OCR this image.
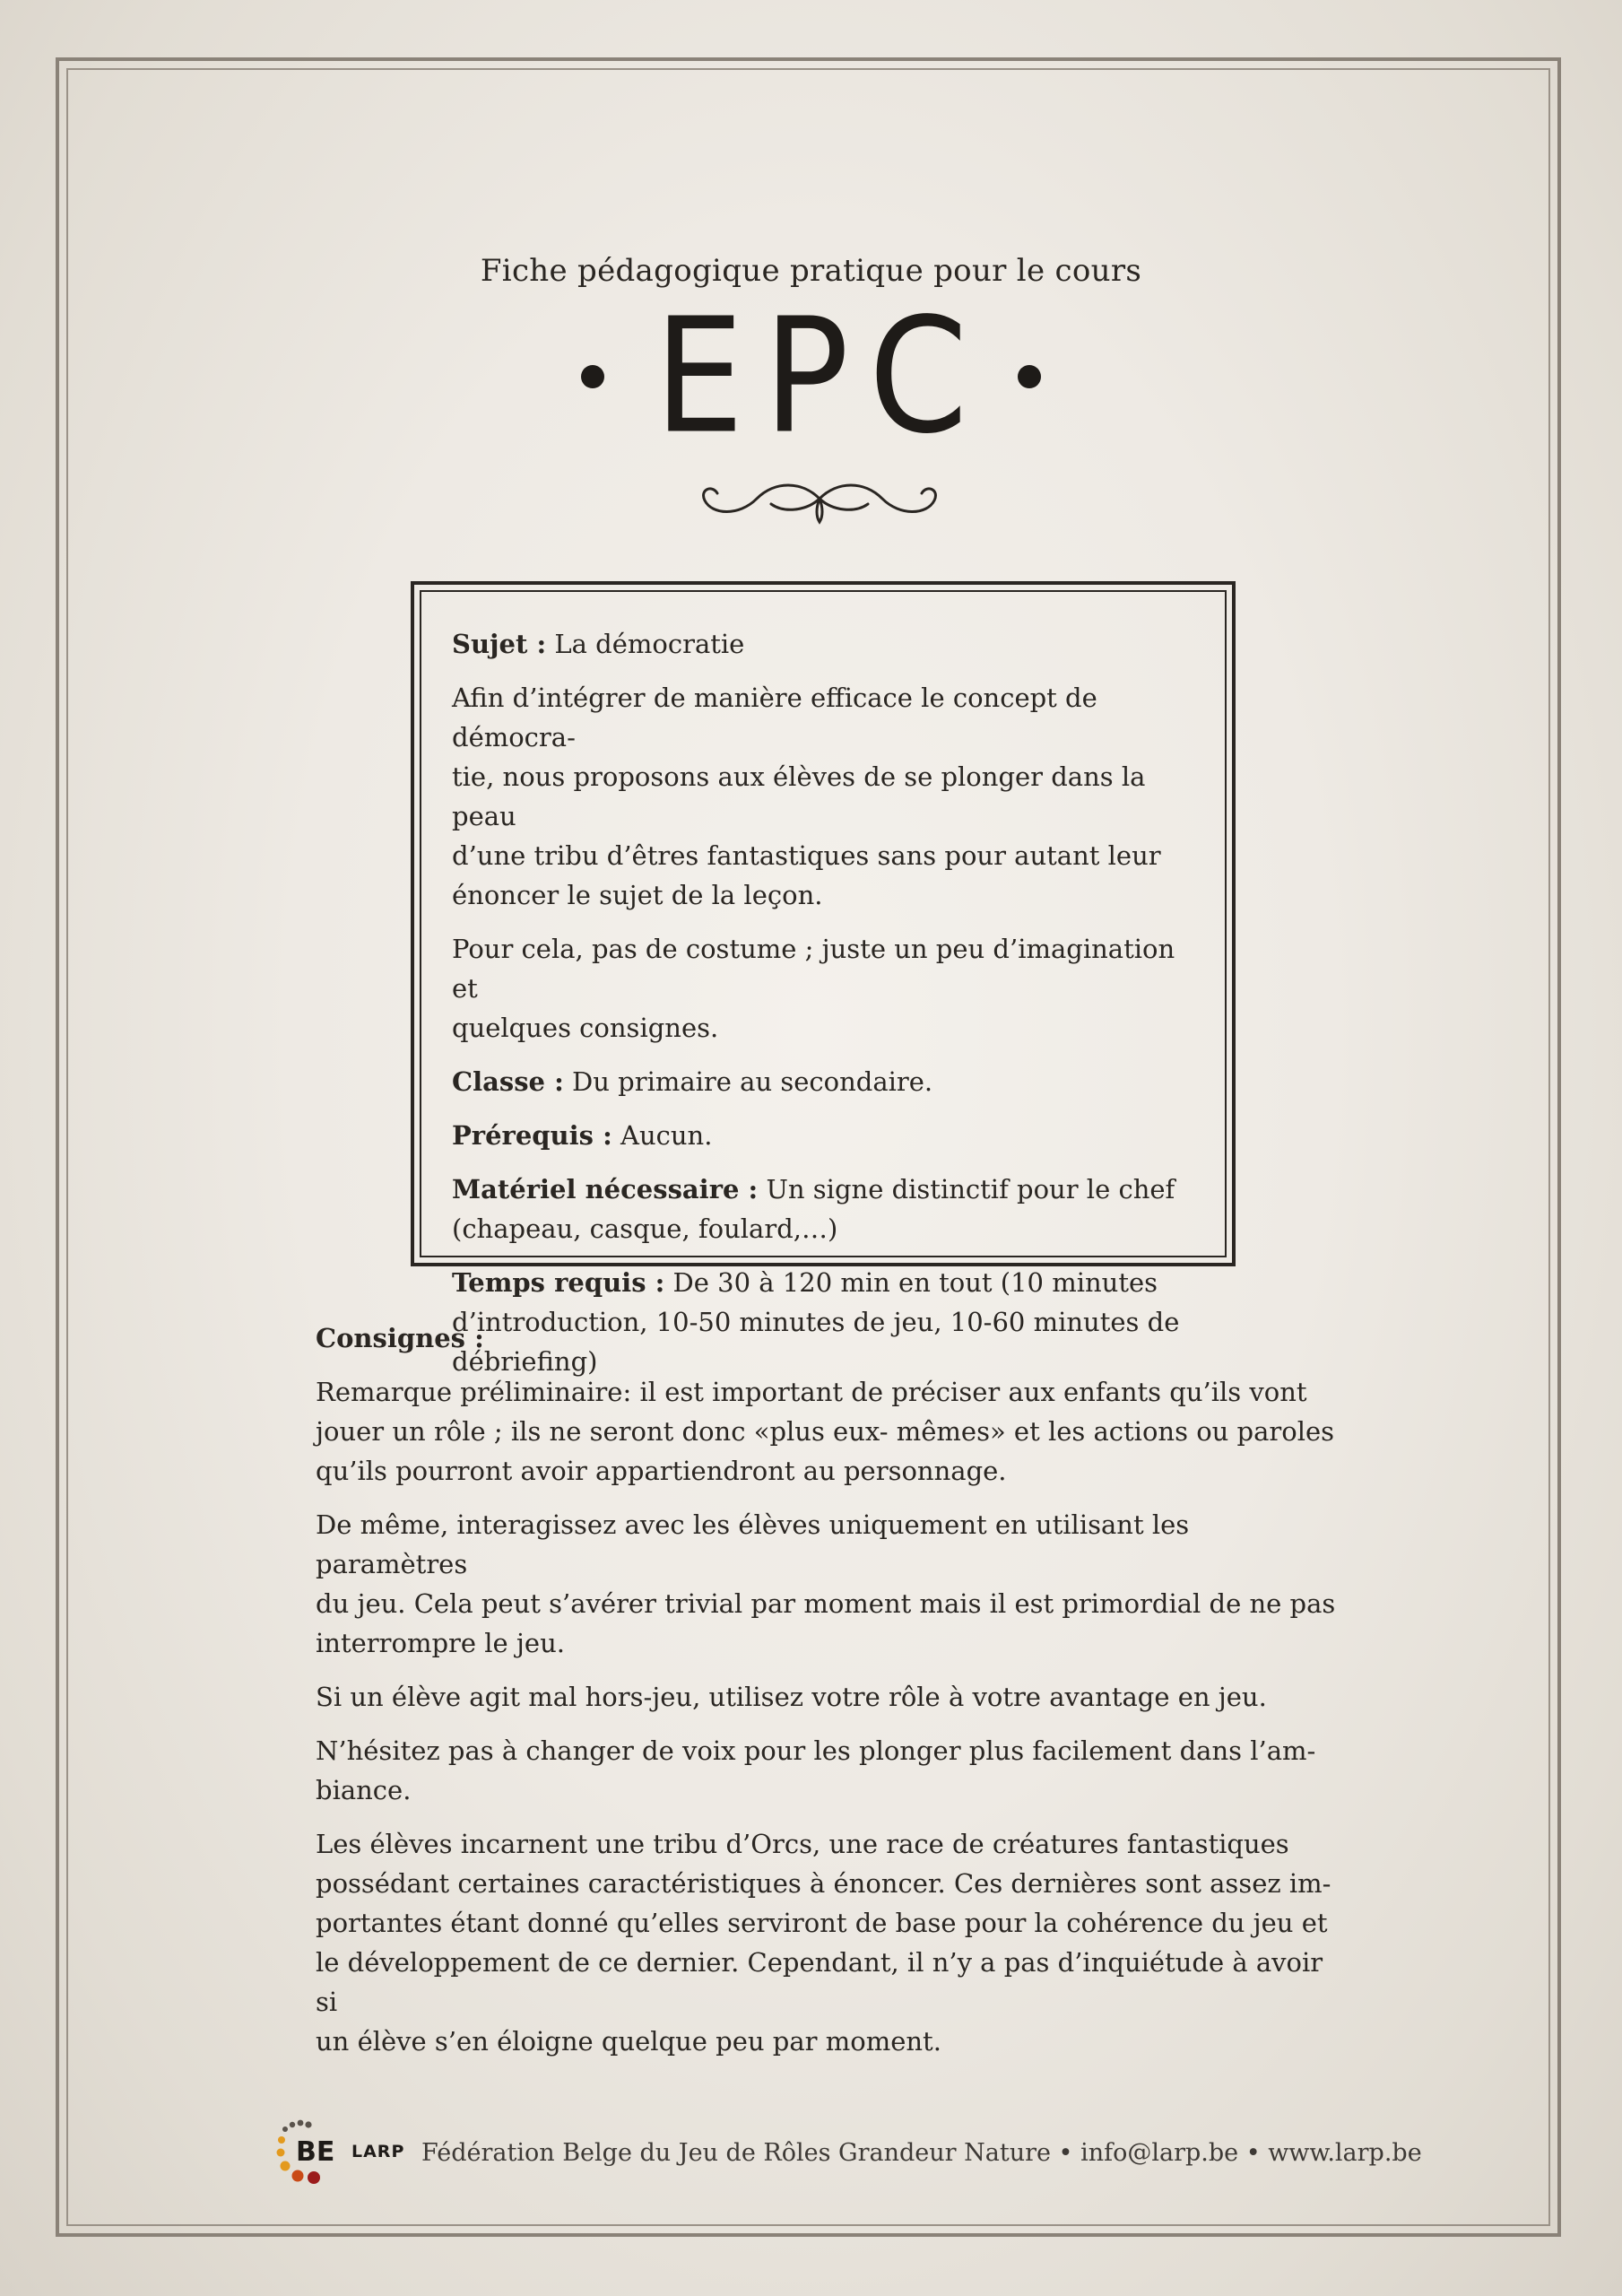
Fiche pédagogique pratique pour le cours
EPC

Sujet : La démocratie

Afin d’intégrer de manière efficace le concept de démocra-
tie, nous proposons aux élèves de se plonger dans la peau
d’une tribu d’êtres fantastiques sans pour autant leur
énoncer le sujet de la leçon.

Pour cela, pas de costume ; juste un peu d’imagination et
quelques consignes.

Classe : Du primaire au secondaire.

Prérequis : Aucun.

Matériel nécessaire : Un signe distinctif pour le chef
(chapeau, casque, foulard,…)

Temps requis : De 30 à 120 min en tout (10 minutes
d’introduction, 10-50 minutes de jeu, 10-60 minutes de
débriefing)

Consignes :

Remarque préliminaire: il est important de préciser aux enfants qu’ils vont
jouer un rôle ; ils ne seront donc «plus eux- mêmes» et les actions ou paroles
qu’ils pourront avoir appartiendront au personnage.

De même, interagissez avec les élèves uniquement en utilisant les paramètres
du jeu. Cela peut s’avérer trivial par moment mais il est primordial de ne pas
interrompre le jeu.

Si un élève agit mal hors-jeu, utilisez votre rôle à votre avantage en jeu.

N’hésitez pas à changer de voix pour les plonger plus facilement dans l’am-
biance.

Les élèves incarnent une tribu d’Orcs, une race de créatures fantastiques
possédant certaines caractéristiques à énoncer. Ces dernières sont assez im-
portantes étant donné qu’elles serviront de base pour la cohérence du jeu et
le développement de ce dernier. Cependant, il n’y a pas d’inquiétude à avoir si
un élève s’en éloigne quelque peu par moment.

BE LARP Fédération Belge du Jeu de Rôles Grandeur Nature • info@larp.be • www.larp.be
